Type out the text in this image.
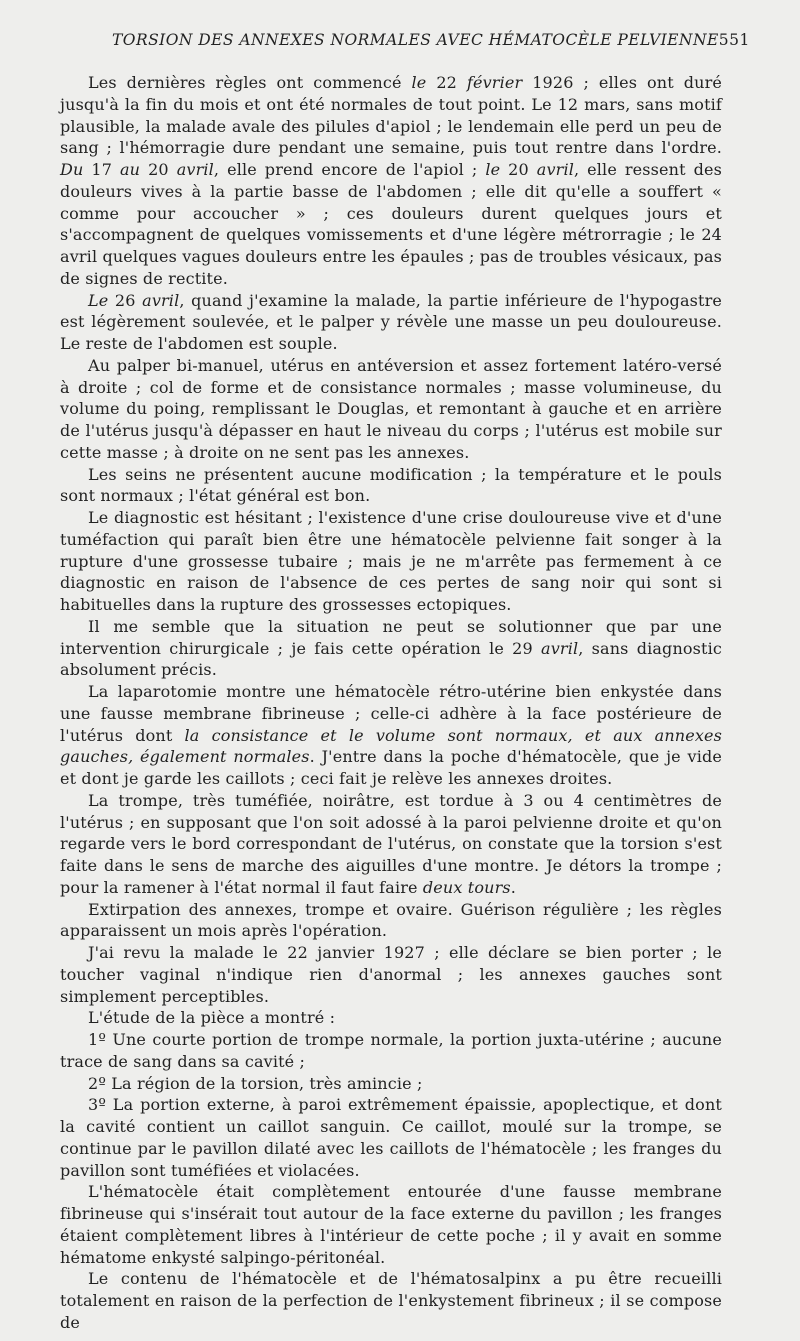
TORSION DES ANNEXES NORMALES AVEC HÉMATOCÈLE PELVIENNE 551

Les dernières règles ont commencé le 22 février 1926 ; elles ont duré jusqu'à la fin du mois et ont été normales de tout point. Le 12 mars, sans motif plausible, la malade avale des pilules d'apiol ; le lendemain elle perd un peu de sang ; l'hémorragie dure pendant une semaine, puis tout rentre dans l'ordre. Du 17 au 20 avril, elle prend encore de l'apiol ; le 20 avril, elle ressent des douleurs vives à la partie basse de l'abdomen ; elle dit qu'elle a souffert « comme pour accoucher » ; ces douleurs durent quelques jours et s'accompagnent de quelques vomissements et d'une légère métrorragie ; le 24 avril quelques vagues douleurs entre les épaules ; pas de troubles vésicaux, pas de signes de rectite.

Le 26 avril, quand j'examine la malade, la partie inférieure de l'hypogastre est légèrement soulevée, et le palper y révèle une masse un peu douloureuse. Le reste de l'abdomen est souple.

Au palper bi-manuel, utérus en antéversion et assez fortement latéro-versé à droite ; col de forme et de consistance normales ; masse volumineuse, du volume du poing, remplissant le Douglas, et remontant à gauche et en arrière de l'utérus jusqu'à dépasser en haut le niveau du corps ; l'utérus est mobile sur cette masse ; à droite on ne sent pas les annexes.

Les seins ne présentent aucune modification ; la température et le pouls sont normaux ; l'état général est bon.

Le diagnostic est hésitant ; l'existence d'une crise douloureuse vive et d'une tuméfaction qui paraît bien être une hématocèle pelvienne fait songer à la rupture d'une grossesse tubaire ; mais je ne m'arrête pas fermement à ce diagnostic en raison de l'absence de ces pertes de sang noir qui sont si habituelles dans la rupture des grossesses ectopiques.

Il me semble que la situation ne peut se solutionner que par une intervention chirurgicale ; je fais cette opération le 29 avril, sans diagnostic absolument précis.

La laparotomie montre une hématocèle rétro-utérine bien enkystée dans une fausse membrane fibrineuse ; celle-ci adhère à la face postérieure de l'utérus dont la consistance et le volume sont normaux, et aux annexes gauches, également normales. J'entre dans la poche d'hématocèle, que je vide et dont je garde les caillots ; ceci fait je relève les annexes droites.

La trompe, très tuméfiée, noirâtre, est tordue à 3 ou 4 centimètres de l'utérus ; en supposant que l'on soit adossé à la paroi pelvienne droite et qu'on regarde vers le bord correspondant de l'utérus, on constate que la torsion s'est faite dans le sens de marche des aiguilles d'une montre. Je détors la trompe ; pour la ramener à l'état normal il faut faire deux tours.

Extirpation des annexes, trompe et ovaire. Guérison régulière ; les règles apparaissent un mois après l'opération.

J'ai revu la malade le 22 janvier 1927 ; elle déclare se bien porter ; le toucher vaginal n'indique rien d'anormal ; les annexes gauches sont simplement perceptibles.

L'étude de la pièce a montré :

1º Une courte portion de trompe normale, la portion juxta-utérine ; aucune trace de sang dans sa cavité ;

2º La région de la torsion, très amincie ;

3º La portion externe, à paroi extrêmement épaissie, apoplectique, et dont la cavité contient un caillot sanguin. Ce caillot, moulé sur la trompe, se continue par le pavillon dilaté avec les caillots de l'hématocèle ; les franges du pavillon sont tuméfiées et violacées.

L'hématocèle était complètement entourée d'une fausse membrane fibrineuse qui s'insérait tout autour de la face externe du pavillon ; les franges étaient complètement libres à l'intérieur de cette poche ; il y avait en somme hématome enkysté salpingo-péritonéal.

Le contenu de l'hématocèle et de l'hématosalpinx a pu être recueilli totalement en raison de la perfection de l'enkystement fibrineux ; il se compose de
